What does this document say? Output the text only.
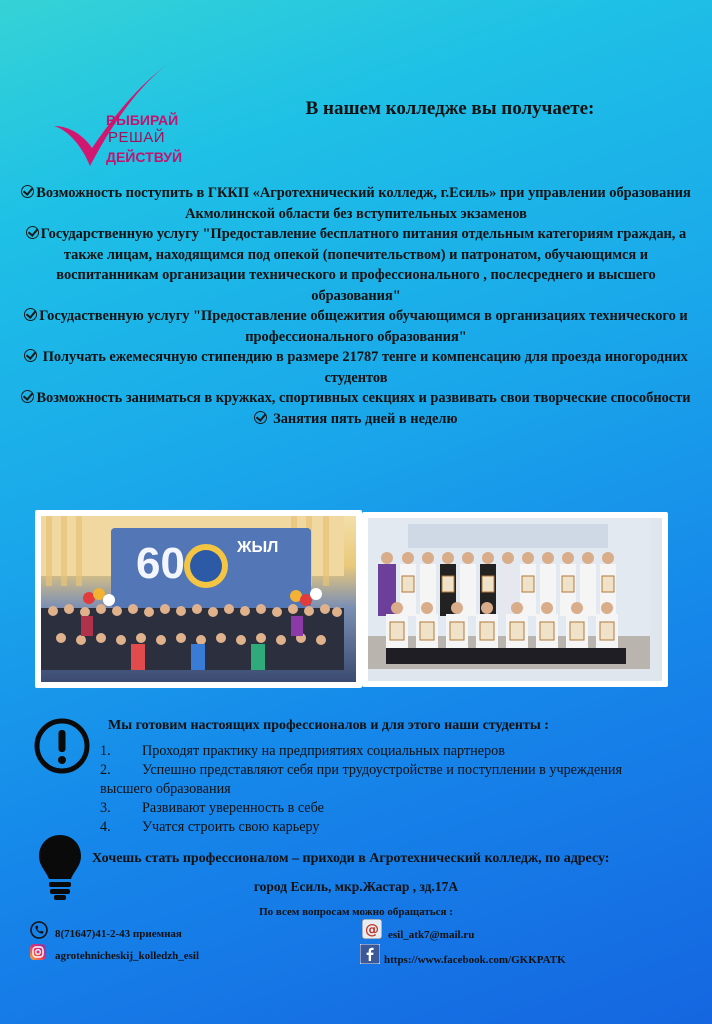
ВЫБИРАЙ
РЕШАЙ
ДЕЙСТВУЙ
В нашем колледже вы получаете:

Возможность поступить в ГККП «Агротехнический колледж, г.Есиль» при управлении образования Акмолинской области без вступительных экзаменов

Государственную услугу "Предоставление бесплатного питания отдельным категориям граждан, а также лицам, находящимся под опекой (попечительством) и патронатом, обучающимся и воспитанникам организации технического и профессионального , послесреднего и высшего образования"

Госудаственную услугу "Предоставление общежития обучающимся в организациях технического и профессионального образования"

Получать ежемесячную стипендию в размере 21787 тенге и компенсацию для проезда иногородних студентов

Возможность заниматься в кружках, спортивных секциях и развивать свои творческие способности

Занятия пять дней в неделю

60	ЖЫЛ
Мы готовим настоящих профессионалов и для этого наши студенты :
1.	Проходят практику на предприятиях социальных партнеров
2. Успешно представляют себя при трудоустройстве и поступлении в учреждения высшего образования
3.	Развивают уверенность в себе
4.	Учатся строить свою карьеру
Хочешь стать профессионалом – приходи в Агротехнический колледж, по адресу:
город Есиль, мкр.Жастар , зд.17А
По всем вопросам можно обращаться :
8(71647)41-2-43 приемная
agrotehnicheskij_kolledzh_esil
@ esil_atk7@mail.ru
https://www.facebook.com/GKKPATK
